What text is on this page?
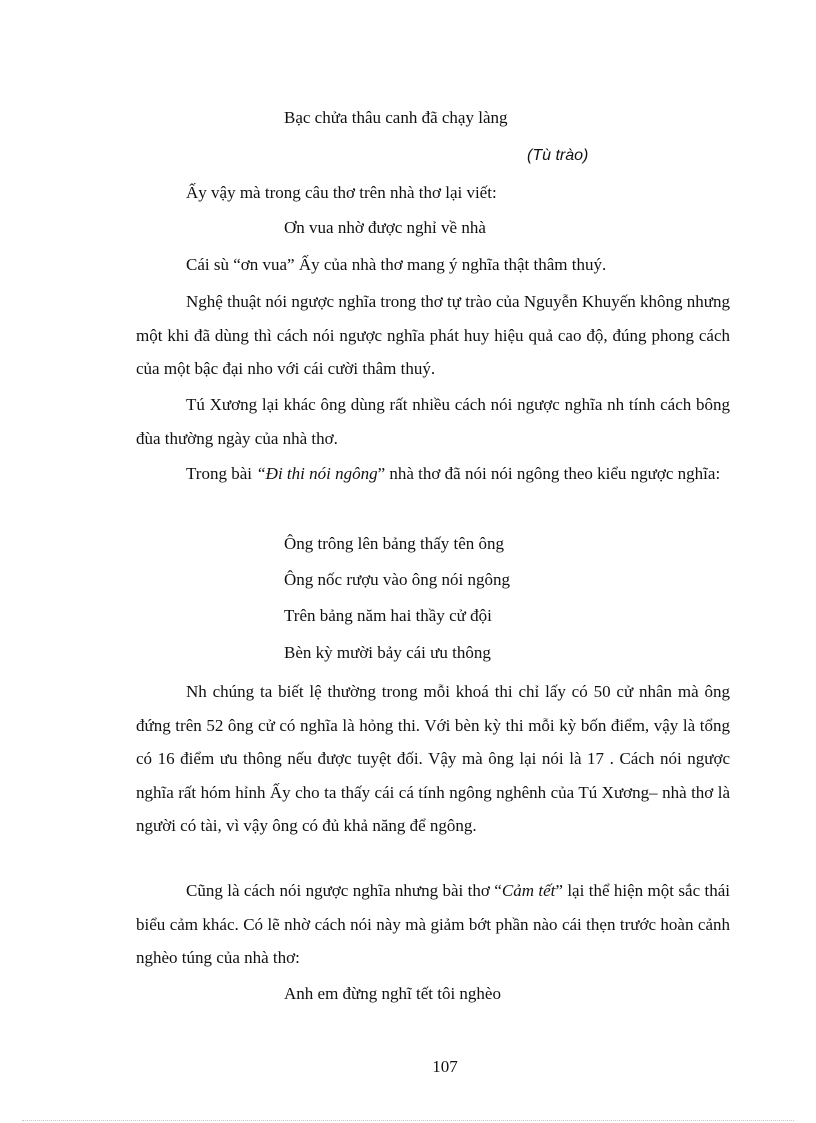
Bạc chửa thâu canh đã chạy làng
(Tù trào)
Ấy vậy mà trong câu thơ trên nhà thơ lại viết:
Ơn vua nhờ được nghỉ về nhà
Cái sù “ơn vua” Ấy của nhà thơ mang ý nghĩa thật thâm thuý.
Nghệ thuật nói ngược nghĩa trong thơ tự trào của Nguyễn Khuyến không nhưng một khi đã dùng thì cách nói ngược nghĩa phát huy hiệu quả cao độ, đúng phong cách của một bậc đại nho với cái cười thâm thuý.
Tú Xương lại khác ông dùng rất nhiều cách nói ngược nghĩa nh tính cách bông đùa thường ngày của nhà thơ.
Trong bài “Đi thi nói ngông” nhà thơ đã nói nói ngông theo kiểu ngược nghĩa:
Ông trông lên bảng thấy tên ông
Ông nốc rượu vào ông nói ngông
Trên bảng năm hai thầy cử đội
Bèn kỳ mười bảy cái ưu thông
Nh chúng ta biết lệ thường trong mỗi khoá thi chỉ lấy có 50 cử nhân mà ông đứng trên 52 ông cử có nghĩa là hỏng thi. Với bèn kỳ thi mỗi kỳ bốn điểm, vậy là tổng có 16 điểm ưu thông nếu được tuyệt đối. Vậy mà ông lại nói là 17 . Cách nói ngược nghĩa rất hóm hỉnh Ấy cho ta thấy cái cá tính ngông nghênh của Tú Xương– nhà thơ là người có tài, vì vậy ông có đủ khả năng để ngông.
Cũng là cách nói ngược nghĩa nhưng bài thơ “Cảm tết” lại thể hiện một sắc thái biểu cảm khác. Có lẽ nhờ cách nói này mà giảm bớt phần nào cái thẹn trước hoàn cảnh nghèo túng của nhà thơ:
Anh em đừng nghĩ tết tôi nghèo
107
